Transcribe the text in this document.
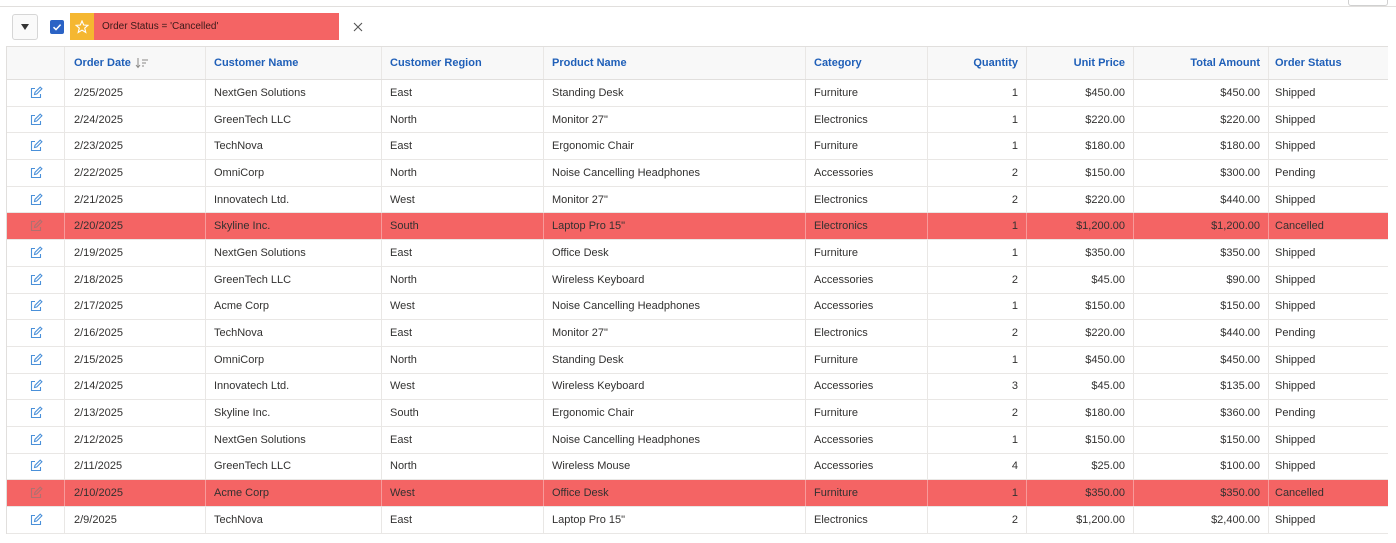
Order Status = 'Cancelled'
Order Date	Customer Name	Customer Region	Product Name	Category	Quantity	Unit Price	Total Amount	Order Status
2/25/2025	NextGen Solutions	East	Standing Desk	Furniture	1	$450.00	$450.00	Shipped
2/24/2025	GreenTech LLC	North	Monitor 27"	Electronics	1	$220.00	$220.00	Shipped
2/23/2025	TechNova	East	Ergonomic Chair	Furniture	1	$180.00	$180.00	Shipped
2/22/2025	OmniCorp	North	Noise Cancelling Headphones	Accessories	2	$150.00	$300.00	Pending
2/21/2025	Innovatech Ltd.	West	Monitor 27"	Electronics	2	$220.00	$440.00	Shipped
2/20/2025	Skyline Inc.	South	Laptop Pro 15"	Electronics	1	$1,200.00	$1,200.00	Cancelled
2/19/2025	NextGen Solutions	East	Office Desk	Furniture	1	$350.00	$350.00	Shipped
2/18/2025	GreenTech LLC	North	Wireless Keyboard	Accessories	2	$45.00	$90.00	Shipped
2/17/2025	Acme Corp	West	Noise Cancelling Headphones	Accessories	1	$150.00	$150.00	Shipped
2/16/2025	TechNova	East	Monitor 27"	Electronics	2	$220.00	$440.00	Pending
2/15/2025	OmniCorp	North	Standing Desk	Furniture	1	$450.00	$450.00	Shipped
2/14/2025	Innovatech Ltd.	West	Wireless Keyboard	Accessories	3	$45.00	$135.00	Shipped
2/13/2025	Skyline Inc.	South	Ergonomic Chair	Furniture	2	$180.00	$360.00	Pending
2/12/2025	NextGen Solutions	East	Noise Cancelling Headphones	Accessories	1	$150.00	$150.00	Shipped
2/11/2025	GreenTech LLC	North	Wireless Mouse	Accessories	4	$25.00	$100.00	Shipped
2/10/2025	Acme Corp	West	Office Desk	Furniture	1	$350.00	$350.00	Cancelled
2/9/2025	TechNova	East	Laptop Pro 15"	Electronics	2	$1,200.00	$2,400.00	Shipped
